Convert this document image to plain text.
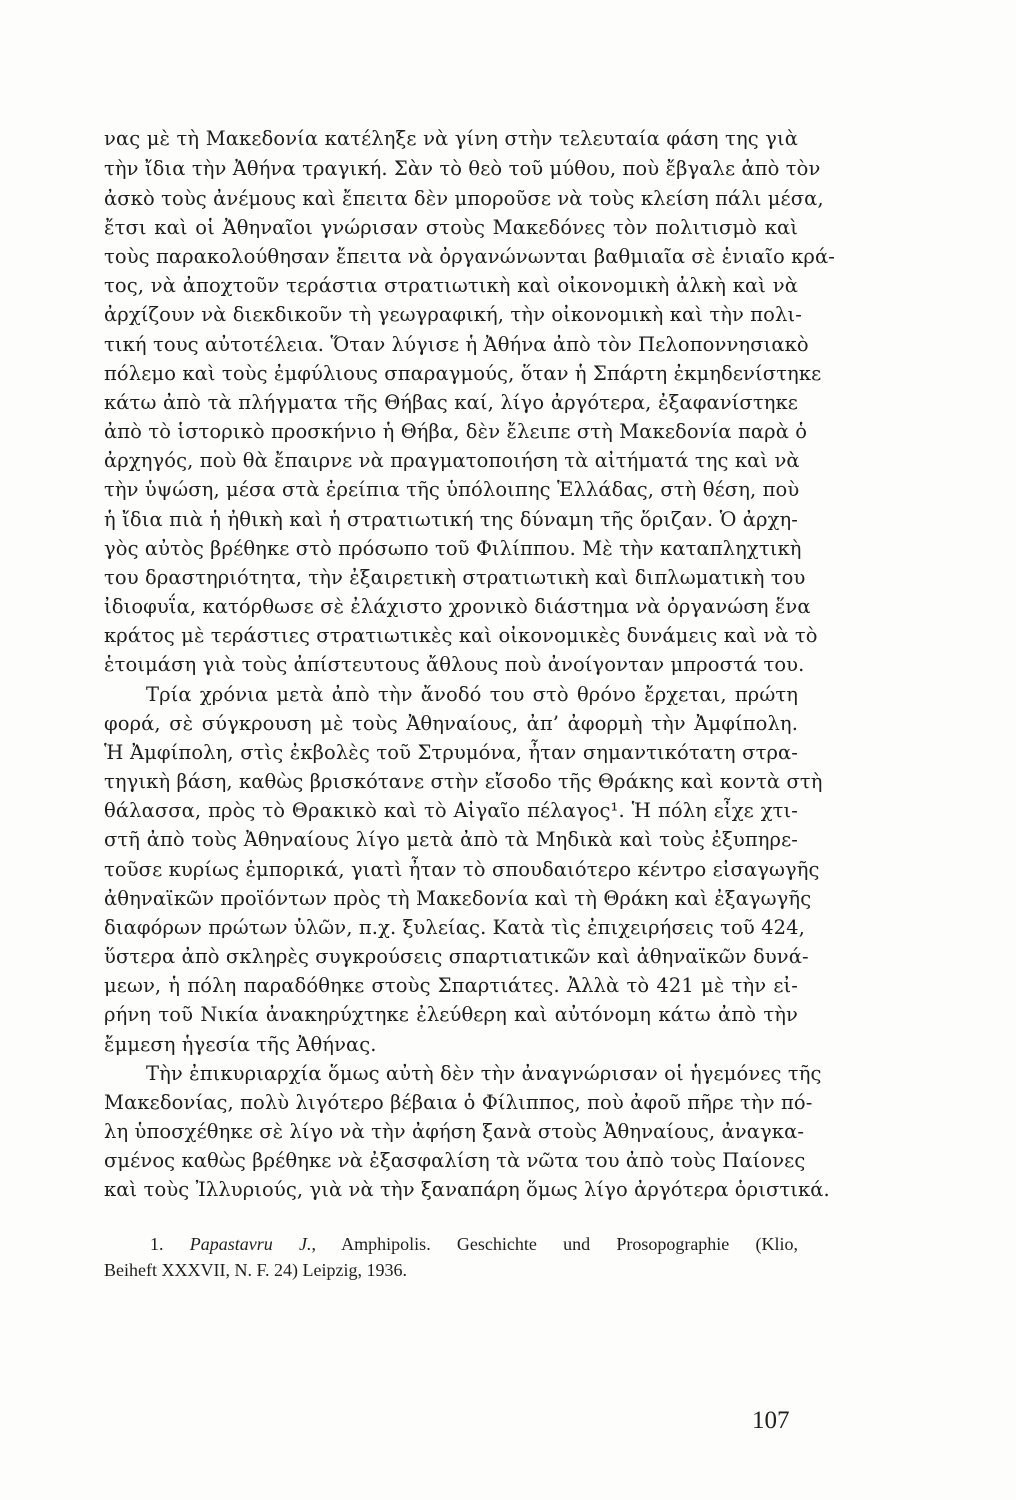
νας μὲ τὴ Μακεδονία κατέληξε νὰ γίνη στὴν τελευταία φάση της γιὰ
τὴν ἴδια τὴν Ἀθήνα τραγική. Σὰν τὸ θεὸ τοῦ μύθου, ποὺ ἔβγαλε ἀπὸ τὸν
ἀσκὸ τοὺς ἀνέμους καὶ ἔπειτα δὲν μποροῦσε νὰ τοὺς κλείση πάλι μέσα,
ἔτσι καὶ οἱ Ἀθηναῖοι γνώρισαν στοὺς Μακεδόνες τὸν πολιτισμὸ καὶ
τοὺς παρακολούθησαν ἔπειτα νὰ ὀργανώνωνται βαθμιαῖα σὲ ἑνιαῖο κρά-
τος, νὰ ἀποχτοῦν τεράστια στρατιωτικὴ καὶ οἰκονομικὴ ἀλκὴ καὶ νὰ
ἀρχίζουν νὰ διεκδικοῦν τὴ γεωγραφική, τὴν οἰκονομικὴ καὶ τὴν πολι-
τική τους αὐτοτέλεια. Ὅταν λύγισε ἡ Ἀθήνα ἀπὸ τὸν Πελοποννησιακὸ
πόλεμο καὶ τοὺς ἐμφύλιους σπαραγμούς, ὅταν ἡ Σπάρτη ἐκμηδενίστηκε
κάτω ἀπὸ τὰ πλήγματα τῆς Θήβας καί, λίγο ἀργότερα, ἐξαφανίστηκε
ἀπὸ τὸ ἱστορικὸ προσκήνιο ἡ Θήβα, δὲν ἔλειπε στὴ Μακεδονία παρὰ ὁ
ἀρχηγός, ποὺ θὰ ἔπαιρνε νὰ πραγματοποιήση τὰ αἰτήματά της καὶ νὰ
τὴν ὑψώση, μέσα στὰ ἐρείπια τῆς ὑπόλοιπης Ἑλλάδας, στὴ θέση, ποὺ
ἡ ἴδια πιὰ ἡ ἠθικὴ καὶ ἡ στρατιωτική της δύναμη τῆς ὅριζαν. Ὁ ἀρχη-
γὸς αὐτὸς βρέθηκε στὸ πρόσωπο τοῦ Φιλίππου. Μὲ τὴν καταπληχτικὴ
του δραστηριότητα, τὴν ἐξαιρετικὴ στρατιωτικὴ καὶ διπλωματικὴ του
ἰδιοφυΐα, κατόρθωσε σὲ ἐλάχιστο χρονικὸ διάστημα νὰ ὀργανώση ἕνα
κράτος μὲ τεράστιες στρατιωτικὲς καὶ οἰκονομικὲς δυνάμεις καὶ νὰ τὸ
ἑτοιμάση γιὰ τοὺς ἀπίστευτους ἄθλους ποὺ ἀνοίγονταν μπροστά του.
Τρία χρόνια μετὰ ἀπὸ τὴν ἄνοδό του στὸ θρόνο ἔρχεται, πρώτη
φορά, σὲ σύγκρουση μὲ τοὺς Ἀθηναίους, ἀπ’ ἀφορμὴ τὴν Ἀμφίπολη.
Ἡ Ἀμφίπολη, στὶς ἐκβολὲς τοῦ Στρυμόνα, ἦταν σημαντικότατη στρα-
τηγικὴ βάση, καθὼς βρισκότανε στὴν εἴσοδο τῆς Θράκης καὶ κοντὰ στὴ
θάλασσα, πρὸς τὸ Θρακικὸ καὶ τὸ Αἰγαῖο πέλαγος¹. Ἡ πόλη εἶχε χτι-
στῆ ἀπὸ τοὺς Ἀθηναίους λίγο μετὰ ἀπὸ τὰ Μηδικὰ καὶ τοὺς ἐξυπηρε-
τοῦσε κυρίως ἐμπορικά, γιατὶ ἦταν τὸ σπουδαιότερο κέντρο εἰσαγωγῆς
ἀθηναϊκῶν προϊόντων πρὸς τὴ Μακεδονία καὶ τὴ Θράκη καὶ ἐξαγωγῆς
διαφόρων πρώτων ὑλῶν, π.χ. ξυλείας. Κατὰ τὶς ἐπιχειρήσεις τοῦ 424,
ὕστερα ἀπὸ σκληρὲς συγκρούσεις σπαρτιατικῶν καὶ ἀθηναϊκῶν δυνά-
μεων, ἡ πόλη παραδόθηκε στοὺς Σπαρτιάτες. Ἀλλὰ τὸ 421 μὲ τὴν εἰ-
ρήνη τοῦ Νικία ἀνακηρύχτηκε ἐλεύθερη καὶ αὐτόνομη κάτω ἀπὸ τὴν
ἔμμεση ἡγεσία τῆς Ἀθήνας.
Τὴν ἐπικυριαρχία ὅμως αὐτὴ δὲν τὴν ἀναγνώρισαν οἱ ἡγεμόνες τῆς
Μακεδονίας, πολὺ λιγότερο βέβαια ὁ Φίλιππος, ποὺ ἀφοῦ πῆρε τὴν πό-
λη ὑποσχέθηκε σὲ λίγο νὰ τὴν ἀφήση ξανὰ στοὺς Ἀθηναίους, ἀναγκα-
σμένος καθὼς βρέθηκε νὰ ἐξασφαλίση τὰ νῶτα του ἀπὸ τοὺς Παίονες
καὶ τοὺς Ἰλλυριούς, γιὰ νὰ τὴν ξαναπάρη ὅμως λίγο ἀργότερα ὁριστικά.
1. Papastavru J., Amphipolis. Geschichte und Prosopographie (Klio,
Beiheft XXXVII, N. F. 24) Leipzig, 1936.
107
